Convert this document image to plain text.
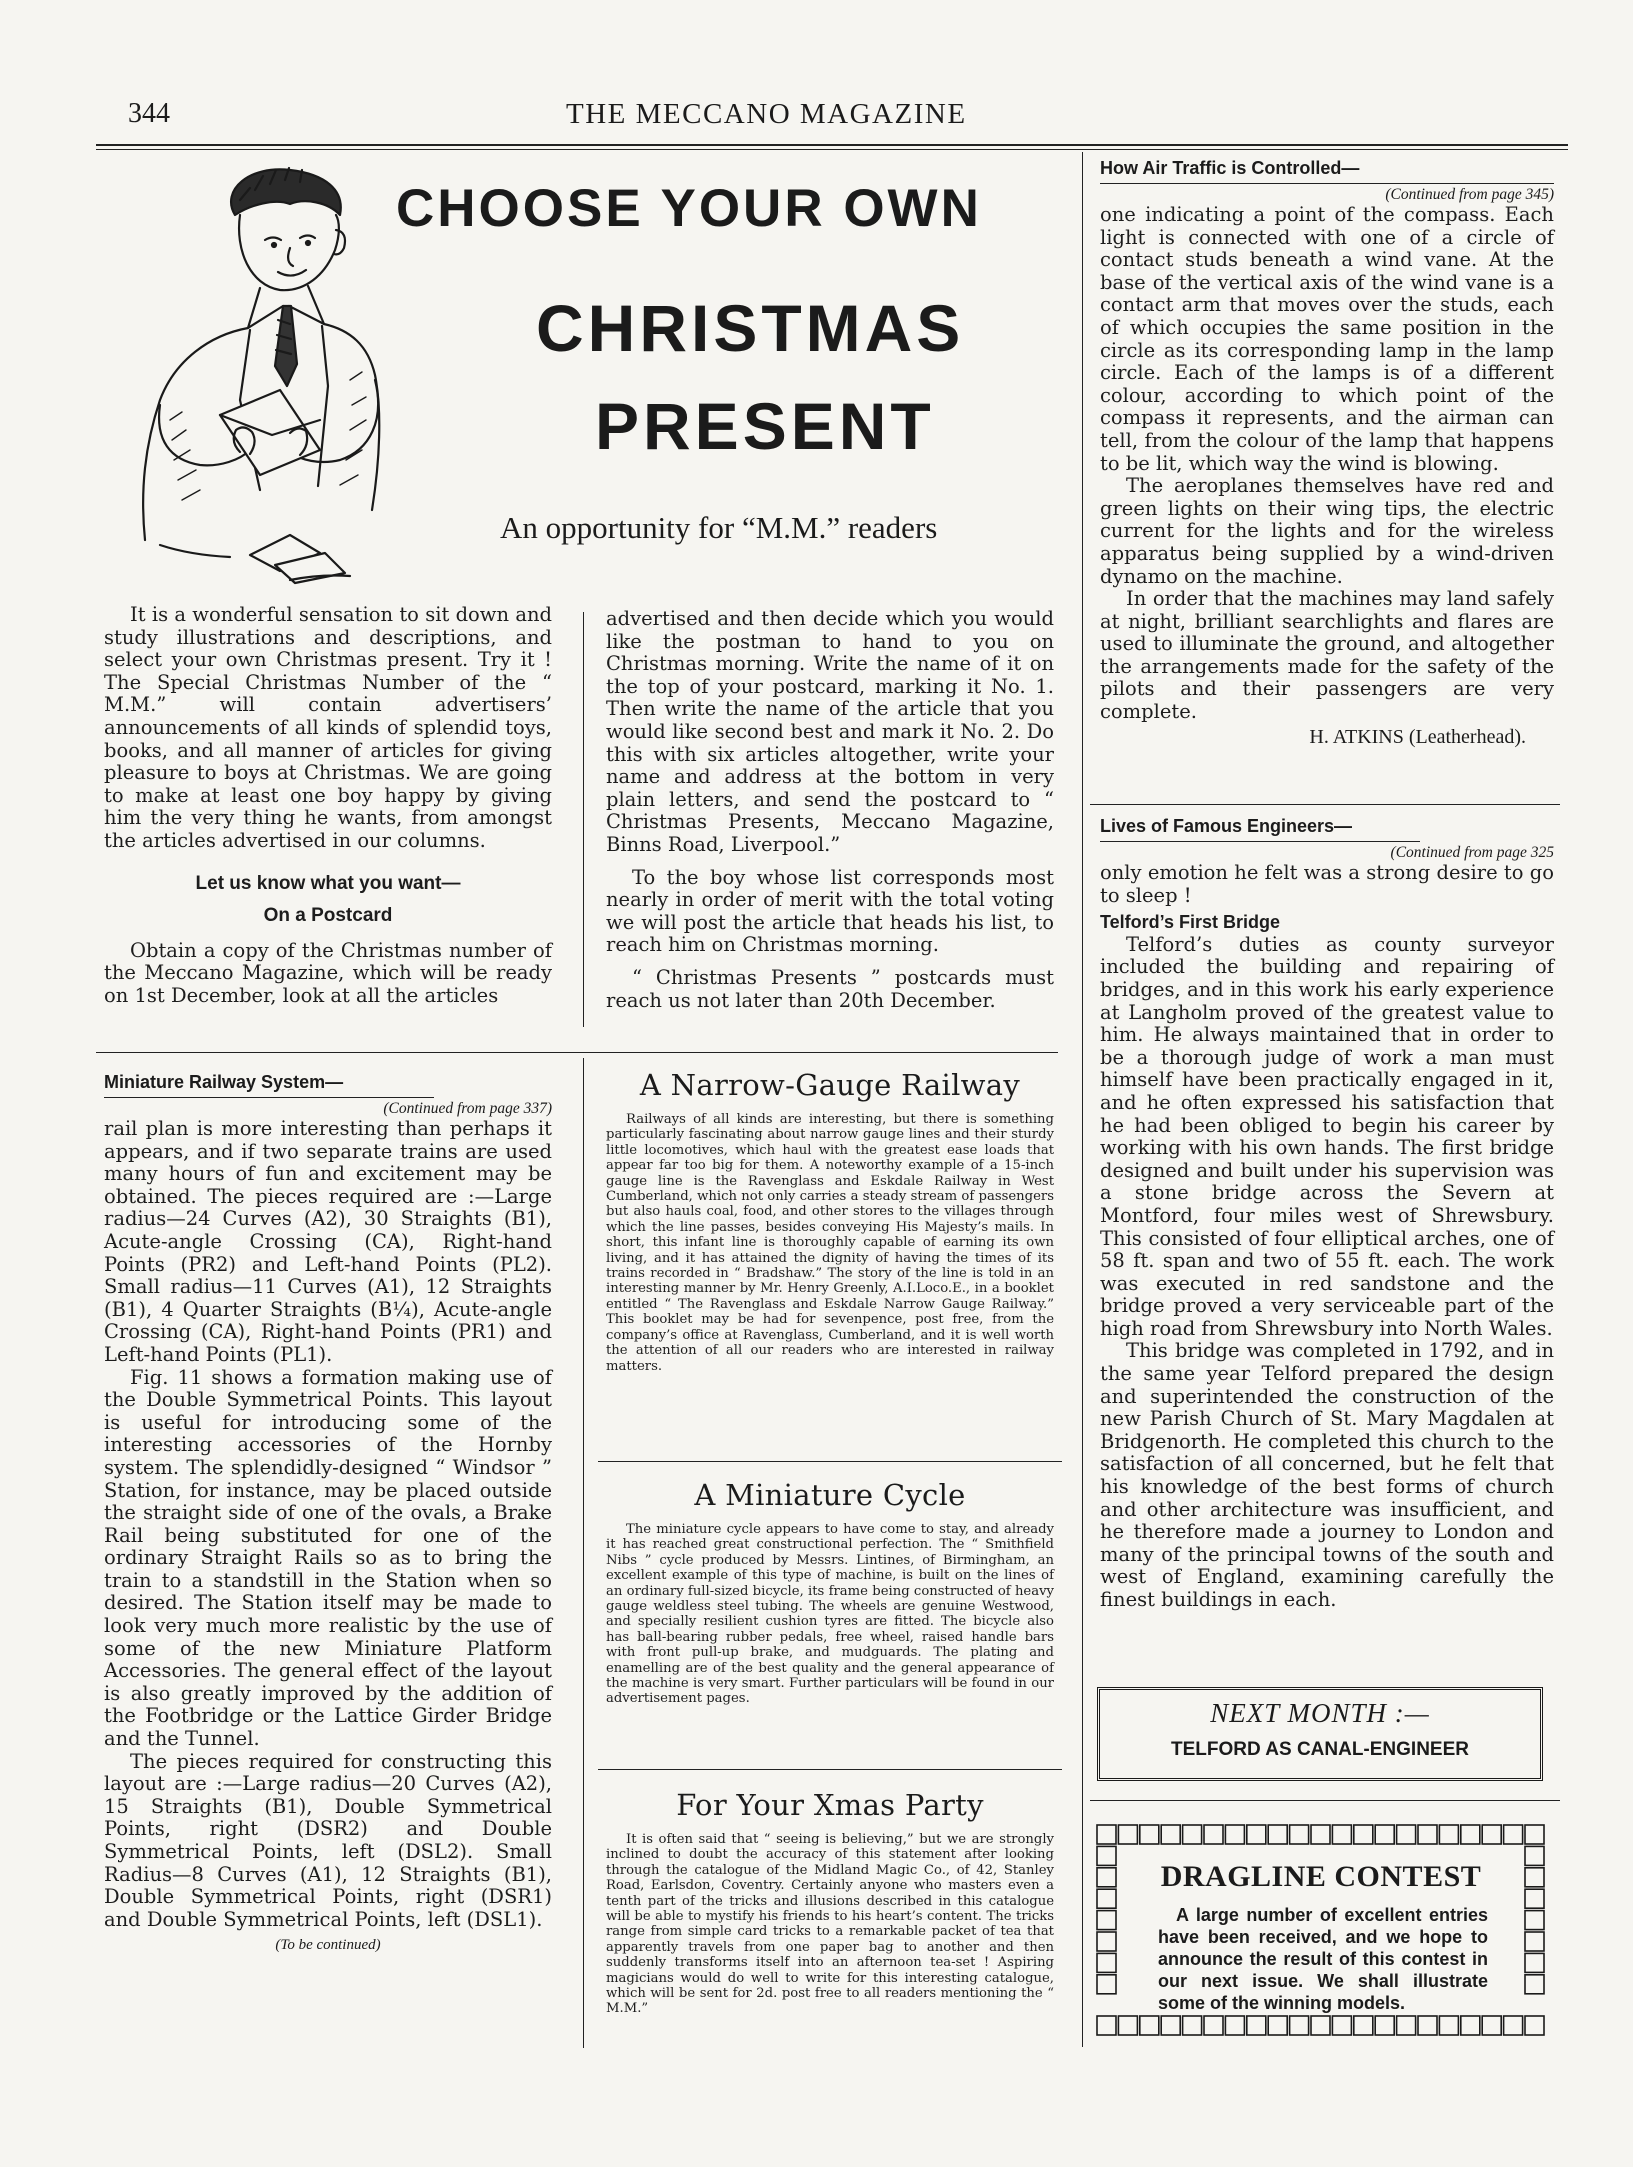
344	THE MECCANO MAGAZINE
CHOOSE YOUR OWN
CHRISTMAS
PRESENT
An opportunity for “M.M.” readers

It is a wonderful sensation to sit down and study illustrations and descriptions, and select your own Christmas present. Try it ! The Special Christmas Number of the “ M.M.” will contain advertisers’ announcements of all kinds of splendid toys, books, and all manner of articles for giving pleasure to boys at Christmas. We are going to make at least one boy happy by giving him the very thing he wants, from amongst the articles advertised in our columns.

Let us know what you want—
On a Postcard

Obtain a copy of the Christmas number of the Meccano Magazine, which will be ready on 1st December, look at all the articles

advertised and then decide which you would like the postman to hand to you on Christmas morning. Write the name of it on the top of your postcard, marking it No. 1. Then write the name of the article that you would like second best and mark it No. 2. Do this with six articles altogether, write your name and address at the bottom in very plain letters, and send the postcard to “ Christmas Presents, Meccano Magazine, Binns Road, Liverpool.”

To the boy whose list corresponds most nearly in order of merit with the total voting we will post the article that heads his list, to reach him on Christmas morning.

“ Christmas Presents ” postcards must reach us not later than 20th December.

How Air Traffic is Controlled—
(Continued from page 345)

one indicating a point of the compass. Each light is connected with one of a circle of contact studs beneath a wind vane. At the base of the vertical axis of the wind vane is a contact arm that moves over the studs, each of which occupies the same position in the circle as its corresponding lamp in the lamp circle. Each of the lamps is of a different colour, according to which point of the compass it represents, and the airman can tell, from the colour of the lamp that happens to be lit, which way the wind is blowing.

The aeroplanes themselves have red and green lights on their wing tips, the electric current for the lights and for the wireless apparatus being supplied by a wind-driven dynamo on the machine.

In order that the machines may land safely at night, brilliant searchlights and flares are used to illuminate the ground, and altogether the arrangements made for the safety of the pilots and their passengers are very complete.

H. ATKINS (Leatherhead).
Lives of Famous Engineers—
(Continued from page 325

only emotion he felt was a strong desire to go to sleep !

Telford’s First Bridge

Telford’s duties as county surveyor included the building and repairing of bridges, and in this work his early experience at Langholm proved of the greatest value to him. He always maintained that in order to be a thorough judge of work a man must himself have been practically engaged in it, and he often expressed his satisfaction that he had been obliged to begin his career by working with his own hands. The first bridge designed and built under his supervision was a stone bridge across the Severn at Montford, four miles west of Shrewsbury. This consisted of four elliptical arches, one of 58 ft. span and two of 55 ft. each. The work was executed in red sandstone and the bridge proved a very serviceable part of the high road from Shrewsbury into North Wales.

This bridge was completed in 1792, and in the same year Telford prepared the design and superintended the construction of the new Parish Church of St. Mary Magdalen at Bridgenorth. He completed this church to the satisfaction of all concerned, but he felt that his knowledge of the best forms of church and other architecture was insufficient, and he therefore made a journey to London and many of the principal towns of the south and west of England, examining carefully the finest buildings in each.

NEXT MONTH :—
TELFORD AS CANAL-ENGINEER
DRAGLINE CONTEST
A large number of excellent entries have been received, and we hope to announce the result of this contest in our next issue. We shall illustrate some of the winning models.
Miniature Railway System—
(Continued from page 337)

rail plan is more interesting than perhaps it appears, and if two separate trains are used many hours of fun and excitement may be obtained. The pieces required are :—Large radius—24 Curves (A2), 30 Straights (B1), Acute-angle Crossing (CA), Right-hand Points (PR2) and Left-hand Points (PL2). Small radius—11 Curves (A1), 12 Straights (B1), 4 Quarter Straights (B¼), Acute-angle Crossing (CA), Right-hand Points (PR1) and Left-hand Points (PL1).

Fig. 11 shows a formation making use of the Double Symmetrical Points. This layout is useful for introducing some of the interesting accessories of the Hornby system. The splendidly-designed “ Windsor ” Station, for instance, may be placed outside the straight side of one of the ovals, a Brake Rail being substituted for one of the ordinary Straight Rails so as to bring the train to a standstill in the Station when so desired. The Station itself may be made to look very much more realistic by the use of some of the new Miniature Platform Accessories. The general effect of the layout is also greatly improved by the addition of the Footbridge or the Lattice Girder Bridge and the Tunnel.

The pieces required for constructing this layout are :—Large radius—20 Curves (A2), 15 Straights (B1), Double Symmetrical Points, right (DSR2) and Double Symmetrical Points, left (DSL2). Small Radius—8 Curves (A1), 12 Straights (B1), Double Symmetrical Points, right (DSR1) and Double Symmetrical Points, left (DSL1).

(To be continued)
A Narrow-Gauge Railway
Railways of all kinds are interesting, but there is something particularly fascinating about narrow gauge lines and their sturdy little locomotives, which haul with the greatest ease loads that appear far too big for them. A noteworthy example of a 15-inch gauge line is the Ravenglass and Eskdale Railway in West Cumberland, which not only carries a steady stream of passengers but also hauls coal, food, and other stores to the villages through which the line passes, besides conveying His Majesty’s mails. In short, this infant line is thoroughly capable of earning its own living, and it has attained the dignity of having the times of its trains recorded in “ Bradshaw.” The story of the line is told in an interesting manner by Mr. Henry Greenly, A.I.Loco.E., in a booklet entitled “ The Ravenglass and Eskdale Narrow Gauge Railway.” This booklet may be had for sevenpence, post free, from the company’s office at Ravenglass, Cumberland, and it is well worth the attention of all our readers who are interested in railway matters.
A Miniature Cycle
The miniature cycle appears to have come to stay, and already it has reached great constructional perfection. The “ Smithfield Nibs ” cycle produced by Messrs. Lintines, of Birmingham, an excellent example of this type of machine, is built on the lines of an ordinary full-sized bicycle, its frame being constructed of heavy gauge weldless steel tubing. The wheels are genuine Westwood, and specially resilient cushion tyres are fitted. The bicycle also has ball-bearing rubber pedals, free wheel, raised handle bars with front pull-up brake, and mudguards. The plating and enamelling are of the best quality and the general appearance of the machine is very smart. Further particulars will be found in our advertisement pages.
For Your Xmas Party
It is often said that “ seeing is believing,” but we are strongly inclined to doubt the accuracy of this statement after looking through the catalogue of the Midland Magic Co., of 42, Stanley Road, Earlsdon, Coventry. Certainly anyone who masters even a tenth part of the tricks and illusions described in this catalogue will be able to mystify his friends to his heart’s content. The tricks range from simple card tricks to a remarkable packet of tea that apparently travels from one paper bag to another and then suddenly transforms itself into an afternoon tea-set ! Aspiring magicians would do well to write for this interesting catalogue, which will be sent for 2d. post free to all readers mentioning the “ M.M.”
